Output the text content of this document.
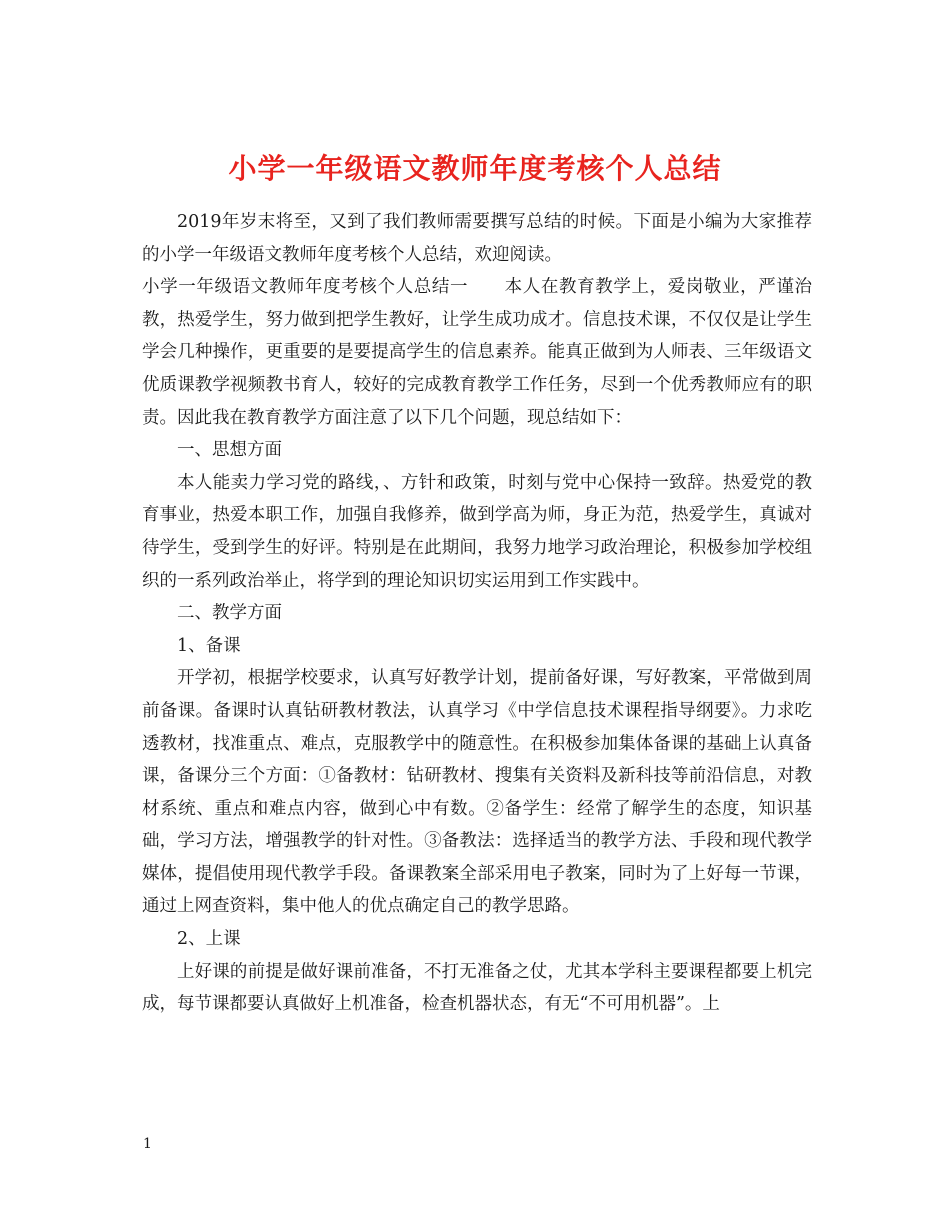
小学一年级语文教师年度考核个人总结

2019年岁末将至，又到了我们教师需要撰写总结的时候。下面是小编为大家推荐的小学一年级语文教师年度考核个人总结，欢迎阅读。

小学一年级语文教师年度考核个人总结一 本人在教育教学上，爱岗敬业，严谨治教，热爱学生，努力做到把学生教好，让学生成功成才。信息技术课，不仅仅是让学生学会几种操作，更重要的是要提高学生的信息素养。能真正做到为人师表、三年级语文优质课教学视频教书育人，较好的完成教育教学工作任务，尽到一个优秀教师应有的职责。因此我在教育教学方面注意了以下几个问题，现总结如下：

一、思想方面

本人能卖力学习党的路线，、方针和政策，时刻与党中心保持一致辞。热爱党的教育事业，热爱本职工作，加强自我修养，做到学高为师，身正为范，热爱学生，真诚对待学生，受到学生的好评。特别是在此期间，我努力地学习政治理论，积极参加学校组织的一系列政治举止，将学到的理论知识切实运用到工作实践中。

二、教学方面

1、备课

开学初，根据学校要求，认真写好教学计划，提前备好课，写好教案，平常做到周前备课。备课时认真钻研教材教法，认真学习《中学信息技术课程指导纲要》。力求吃透教材，找准重点、难点，克服教学中的随意性。在积极参加集体备课的基础上认真备课，备课分三个方面：①备教材：钻研教材、搜集有关资料及新科技等前沿信息，对教材系统、重点和难点内容，做到心中有数。②备学生：经常了解学生的态度，知识基础，学习方法，增强教学的针对性。③备教法：选择适当的教学方法、手段和现代教学媒体，提倡使用现代教学手段。备课教案全部采用电子教案，同时为了上好每一节课，通过上网查资料，集中他人的优点确定自己的教学思路。

2、上课

上好课的前提是做好课前准备，不打无准备之仗，尤其本学科主要课程都要上机完成，每节课都要认真做好上机准备，检查机器状态，有无“不可用机器”。上

1
